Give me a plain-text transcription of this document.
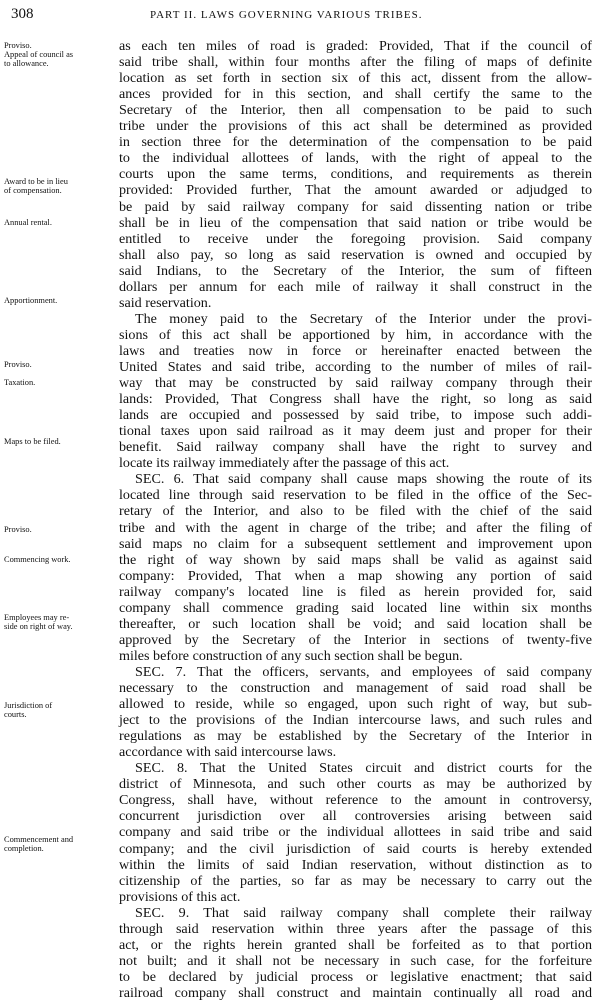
308	PART II. LAWS GOVERNING VARIOUS TRIBES.
as each ten miles of road is graded: Provided, That if the council of
said tribe shall, within four months after the filing of maps of definite
location as set forth in section six of this act, dissent from the allow-
ances provided for in this section, and shall certify the same to the
Secretary of the Interior, then all compensation to be paid to such
tribe under the provisions of this act shall be determined as provided
in section three for the determination of the compensation to be paid
to the individual allottees of lands, with the right of appeal to the
courts upon the same terms, conditions, and requirements as therein
provided: Provided further, That the amount awarded or adjudged to
be paid by said railway company for said dissenting nation or tribe
shall be in lieu of the compensation that said nation or tribe would be
entitled to receive under the foregoing provision. Said company
shall also pay, so long as said reservation is owned and occupied by
said Indians, to the Secretary of the Interior, the sum of fifteen
dollars per annum for each mile of railway it shall construct in the
said reservation.
The money paid to the Secretary of the Interior under the provi-
sions of this act shall be apportioned by him, in accordance with the
laws and treaties now in force or hereinafter enacted between the
United States and said tribe, according to the number of miles of rail-
way that may be constructed by said railway company through their
lands: Provided, That Congress shall have the right, so long as said
lands are occupied and possessed by said tribe, to impose such addi-
tional taxes upon said railroad as it may deem just and proper for their
benefit. Said railway company shall have the right to survey and
locate its railway immediately after the passage of this act.
SEC. 6. That said company shall cause maps showing the route of its
located line through said reservation to be filed in the office of the Sec-
retary of the Interior, and also to be filed with the chief of the said
tribe and with the agent in charge of the tribe; and after the filing of
said maps no claim for a subsequent settlement and improvement upon
the right of way shown by said maps shall be valid as against said
company: Provided, That when a map showing any portion of said
railway company's located line is filed as herein provided for, said
company shall commence grading said located line within six months
thereafter, or such location shall be void; and said location shall be
approved by the Secretary of the Interior in sections of twenty-five
miles before construction of any such section shall be begun.
SEC. 7. That the officers, servants, and employees of said company
necessary to the construction and management of said road shall be
allowed to reside, while so engaged, upon such right of way, but sub-
ject to the provisions of the Indian intercourse laws, and such rules and
regulations as may be established by the Secretary of the Interior in
accordance with said intercourse laws.
SEC. 8. That the United States circuit and district courts for the
district of Minnesota, and such other courts as may be authorized by
Congress, shall have, without reference to the amount in controversy,
concurrent jurisdiction over all controversies arising between said
company and said tribe or the individual allottees in said tribe and said
company; and the civil jurisdiction of said courts is hereby extended
within the limits of said Indian reservation, without distinction as to
citizenship of the parties, so far as may be necessary to carry out the
provisions of this act.
SEC. 9. That said railway company shall complete their railway
through said reservation within three years after the passage of this
act, or the rights herein granted shall be forfeited as to that portion
not built; and it shall not be necessary in such case, for the forfeiture
to be declared by judicial process or legislative enactment; that said
railroad company shall construct and maintain continually all road and
Proviso.
Appeal of council as
to allowance.
Award to be in lieu
of compensation.
Annual rental.
Apportionment.
Proviso.
Taxation.
Maps to be filed.
Proviso.
Commencing work.
Employees may re-
side on right of way.
Jurisdiction of
courts.
Commencement and
completion.
